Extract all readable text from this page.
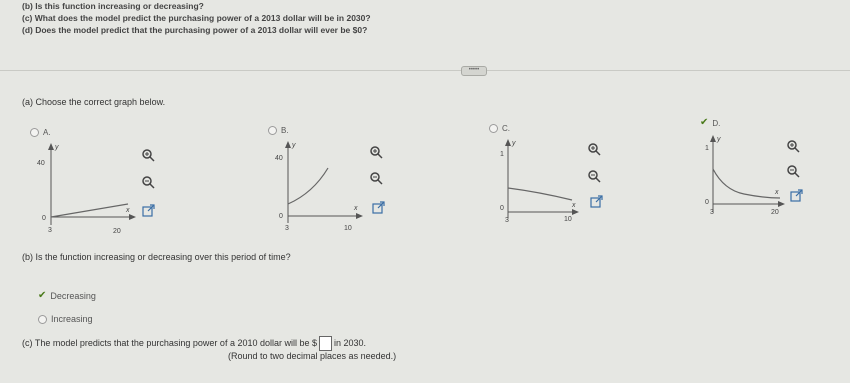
(b) Is this function increasing or decreasing?
(c) What does the model predict the purchasing power of a 2013 dollar will be in 2030?
(d) Does the model predict that the purchasing power of a 2013 dollar will ever be $0?
•••••
(a) Choose the correct graph below.
A.
40
0
3	20
x
y
B.
40
0
3	10
x
y
C.
1
0
3	10
x
y
✔ D.
1
0
3	20
x
y
(b) Is the function increasing or decreasing over this period of time?
✔ Decreasing
Increasing
(c) The model predicts that the purchasing power of a 2010 dollar will be $ in 2030.
(Round to two decimal places as needed.)
